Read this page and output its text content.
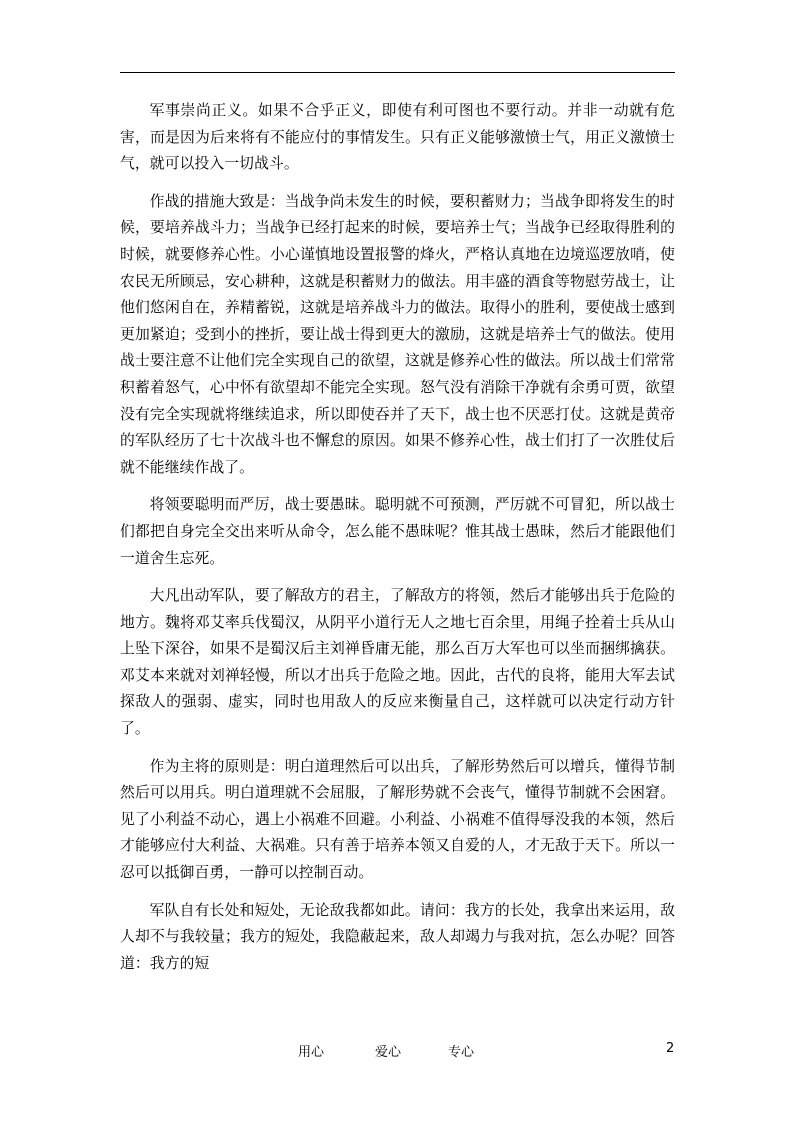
军事崇尚正义。如果不合乎正义，即使有利可图也不要行动。并非一动就有危害，而是因为后来将有不能应付的事情发生。只有正义能够激愤士气，用正义激愤士气，就可以投入一切战斗。

作战的措施大致是：当战争尚未发生的时候，要积蓄财力；当战争即将发生的时候，要培养战斗力；当战争已经打起来的时候，要培养士气；当战争已经取得胜利的时候，就要修养心性。小心谨慎地设置报警的烽火，严格认真地在边境巡逻放哨，使农民无所顾忌，安心耕种，这就是积蓄财力的做法。用丰盛的酒食等物慰劳战士，让他们悠闲自在，养精蓄锐，这就是培养战斗力的做法。取得小的胜利，要使战士感到更加紧迫；受到小的挫折，要让战士得到更大的激励，这就是培养士气的做法。使用战士要注意不让他们完全实现自己的欲望，这就是修养心性的做法。所以战士们常常积蓄着怒气，心中怀有欲望却不能完全实现。怒气没有消除干净就有余勇可贾，欲望没有完全实现就将继续追求，所以即使吞并了天下，战士也不厌恶打仗。这就是黄帝的军队经历了七十次战斗也不懈怠的原因。如果不修养心性，战士们打了一次胜仗后就不能继续作战了。

将领要聪明而严厉，战士要愚昧。聪明就不可预测，严厉就不可冒犯，所以战士们都把自身完全交出来听从命令，怎么能不愚昧呢？惟其战士愚昧，然后才能跟他们一道舍生忘死。

大凡出动军队，要了解敌方的君主，了解敌方的将领，然后才能够出兵于危险的地方。魏将邓艾率兵伐蜀汉，从阴平小道行无人之地七百余里，用绳子拴着士兵从山上坠下深谷，如果不是蜀汉后主刘禅昏庸无能，那么百万大军也可以坐而捆绑擒获。邓艾本来就对刘禅轻慢，所以才出兵于危险之地。因此，古代的良将，能用大军去试探敌人的强弱、虚实，同时也用敌人的反应来衡量自己，这样就可以决定行动方针了。

作为主将的原则是：明白道理然后可以出兵，了解形势然后可以增兵，懂得节制然后可以用兵。明白道理就不会屈服，了解形势就不会丧气，懂得节制就不会困窘。见了小利益不动心，遇上小祸难不回避。小利益、小祸难不值得辱没我的本领，然后才能够应付大利益、大祸难。只有善于培养本领又自爱的人，才无敌于天下。所以一忍可以抵御百勇，一静可以控制百动。

军队自有长处和短处，无论敌我都如此。请问：我方的长处，我拿出来运用，敌人却不与我较量；我方的短处，我隐蔽起来，敌人却竭力与我对抗，怎么办呢？回答道：我方的短

用心	爱心	专心	2
